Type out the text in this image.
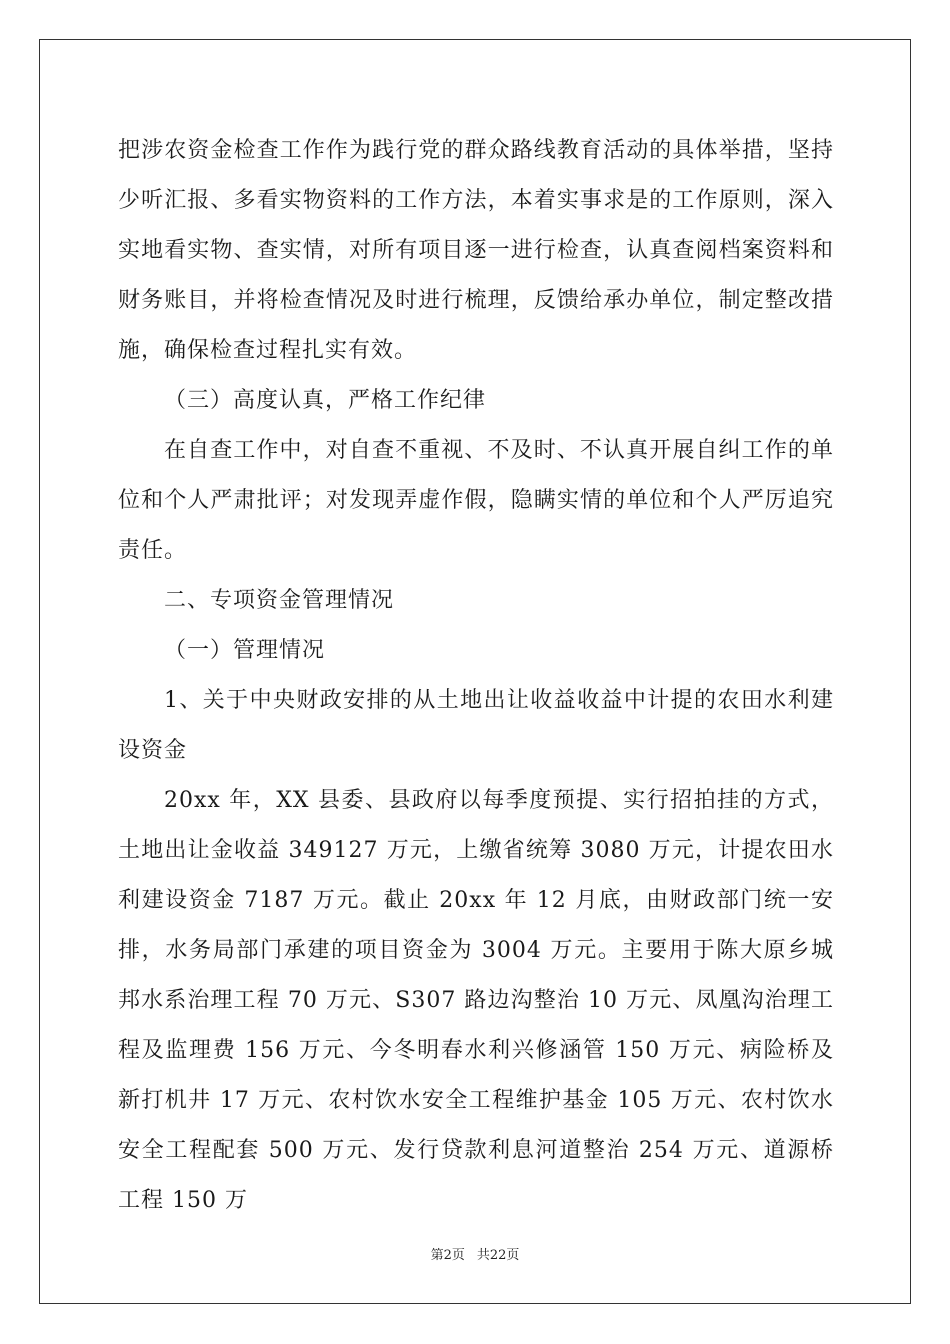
把涉农资金检查工作作为践行党的群众路线教育活动的具体举措，坚持少听汇报、多看实物资料的工作方法，本着实事求是的工作原则，深入实地看实物、查实情，对所有项目逐一进行检查，认真查阅档案资料和财务账目，并将检查情况及时进行梳理，反馈给承办单位，制定整改措施，确保检查过程扎实有效。

（三）高度认真，严格工作纪律

在自查工作中，对自查不重视、不及时、不认真开展自纠工作的单位和个人严肃批评；对发现弄虚作假，隐瞒实情的单位和个人严厉追究责任。

二、专项资金管理情况

（一）管理情况

1、关于中央财政安排的从土地出让收益收益中计提的农田水利建设资金

20xx 年，XX 县委、县政府以每季度预提、实行招拍挂的方式，土地出让金收益 349127 万元，上缴省统筹 3080 万元，计提农田水利建设资金 7187 万元。截止 20xx 年 12 月底，由财政部门统一安排，水务局部门承建的项目资金为 3004 万元。主要用于陈大原乡城邦水系治理工程 70 万元、S307 路边沟整治 10 万元、凤凰沟治理工程及监理费 156 万元、今冬明春水利兴修涵管 150 万元、病险桥及新打机井 17 万元、农村饮水安全工程维护基金 105 万元、农村饮水安全工程配套 500 万元、发行贷款利息河道整治 254 万元、道源桥工程 150 万

第2页 共22页
